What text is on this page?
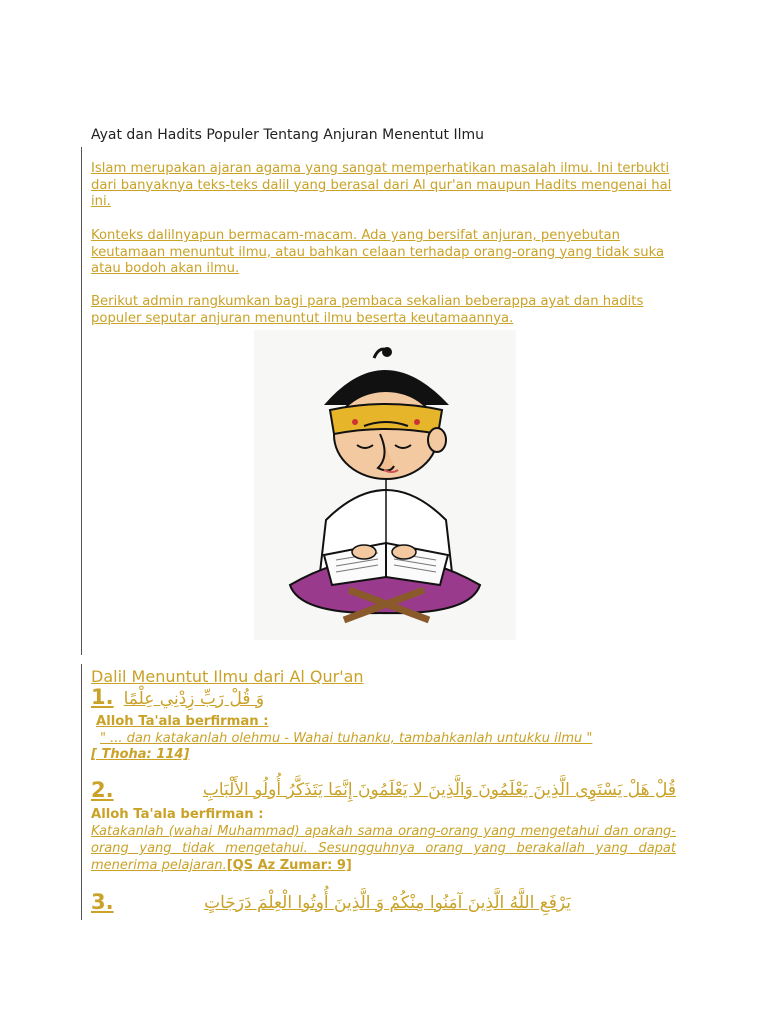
Ayat dan Hadits Populer Tentang Anjuran Menentut Ilmu
Islam merupakan ajaran agama yang sangat memperhatikan masalah ilmu. Ini terbukti dari banyaknya teks-teks dalil yang berasal dari Al qur'an maupun Hadits mengenai hal ini.
Konteks dalilnyapun bermacam-macam. Ada yang bersifat anjuran, penyebutan keutamaan menuntut ilmu, atau bahkan celaan terhadap orang-orang yang tidak suka atau bodoh akan ilmu.
Berikut admin rangkumkan bagi para pembaca sekalian beberappa ayat dan hadits populer seputar anjuran menuntut ilmu beserta keutamaannya.
Dalil Menuntut Ilmu dari Al Qur'an
1. وَ قُلْ رَبِّ زِدْنِي عِلْمًا
Alloh Ta'ala berfirman :
" ... dan katakanlah olehmu - Wahai tuhanku, tambahkanlah untukku ilmu "
[ Thoha: 114]
2.	قُلْ هَلْ يَسْتَوِى الَّذِينَ يَعْلَمُونَ وَالَّذِينَ لا يَعْلَمُونَ إِنَّمَا يَتَذَكَّرُ أُولُو الأَلْبَابِ
Alloh Ta'ala berfirman :
Katakanlah (wahai Muhammad) apakah sama orang-orang yang mengetahui dan orang-orang yang tidak mengetahui. Sesungguhnya orang yang berakallah yang dapat menerima pelajaran.[QS Az Zumar: 9]
3.	يَرْفَعِ اللَّهُ الَّذِينَ آمَنُوا مِنْكُمْ وَ الَّذِينَ أُوتُوا الْعِلْمَ دَرَجَاتٍ
